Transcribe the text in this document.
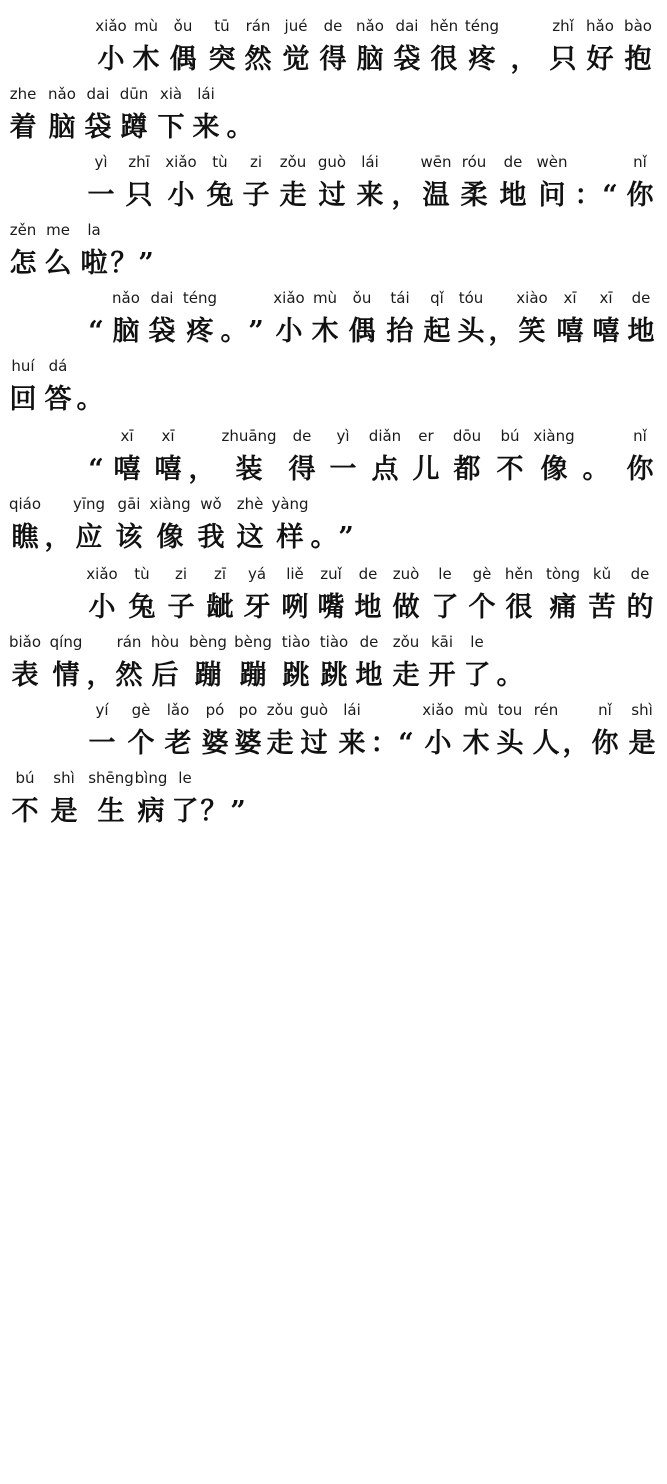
xiǎo

mù

ǒu

tū

rán

jué

de

nǎo

dai

hěn

téng

	zhǐ

hǎo

bào

小

木

偶

突

然

觉

得

脑

袋

很

疼

，

只

好

抱

zhe

nǎo

dai

dūn

xià

lái

着

脑

袋

蹲

下

来

。

yì

zhī

xiǎo

tù

zi

zǒu

guò

lái

	wēn

róu

de

wèn

	nǐ

一

只

小

兔

子

走

过

来

，

温

柔

地

问

：

“

你

zěn

me

la

怎

么

啦

？

”

nǎo

dai

téng

	xiǎo

mù

ǒu

tái

qǐ

tóu

xiào

xī

xī

de

“

脑

袋

疼

。

”

小

木

偶

抬

起

头

，

笑

嘻

嘻

地

huí

dá

回

答

。

xī

xī

	zhuāng

de

yì

diǎn

er

dōu

bú

xiàng

	nǐ

“

嘻

嘻

，

装

得

一

点

儿

都

不

像

。

你

qiáo

yīng

gāi

xiàng

wǒ

zhè

yàng

瞧

，

应

该

像

我

这

样

。

”

xiǎo

tù

zi

zī

yá

liě

zuǐ

de

zuò

le

gè

hěn

tòng

kǔ

de

小

兔

子

龇

牙

咧

嘴

地

做

了

个

很

痛

苦

的

biǎo

qíng

rán

hòu

bèng

bèng

tiào

tiào

de

zǒu

kāi

le

表

情

，

然

后

蹦

蹦

跳

跳

地

走

开

了

。

yí

gè

lǎo

pó

po

zǒu

guò

lái

	xiǎo

mù

tou

rén

	nǐ

shì

一

个

老

婆

婆

走

过

来

：

“

小

木

头

人

，

你

是

bú

shì

shēng

bìng

le

不

是

生

病

了

？

”
